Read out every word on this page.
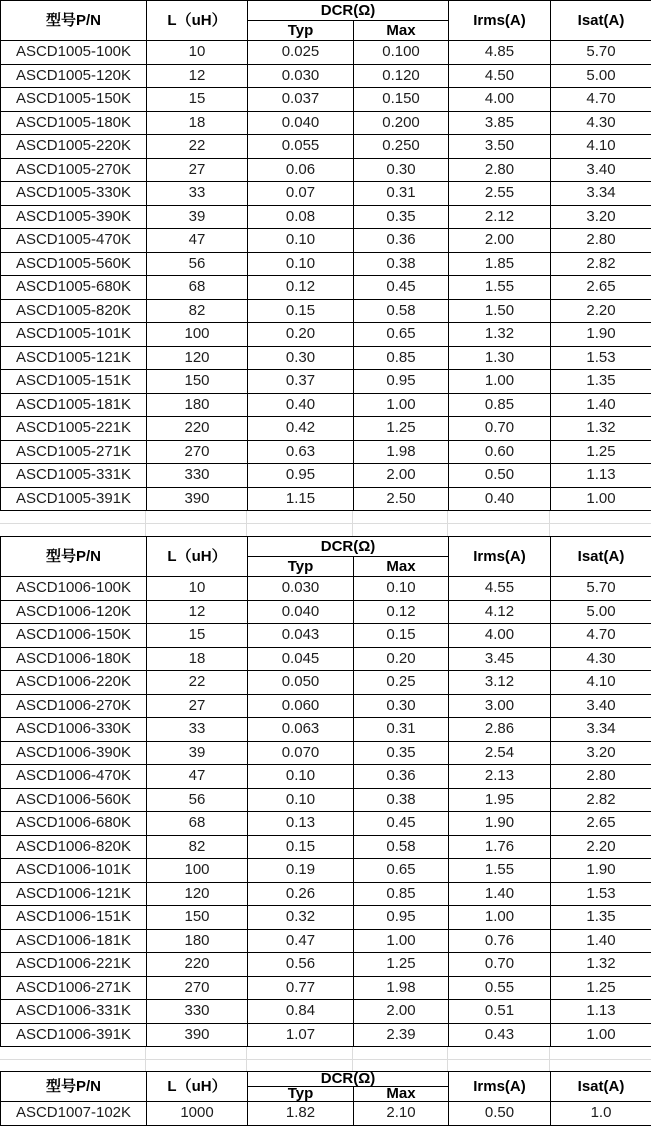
型号P/N	L（uH）	DCR(Ω)		Irms(A)	Isat(A)
		Typ	Max		
ASCD1005-100K	10	0.025	0.100	4.85	5.70
ASCD1005-120K	12	0.030	0.120	4.50	5.00
ASCD1005-150K	15	0.037	0.150	4.00	4.70
ASCD1005-180K	18	0.040	0.200	3.85	4.30
ASCD1005-220K	22	0.055	0.250	3.50	4.10
ASCD1005-270K	27	0.06	0.30	2.80	3.40
ASCD1005-330K	33	0.07	0.31	2.55	3.34
ASCD1005-390K	39	0.08	0.35	2.12	3.20
ASCD1005-470K	47	0.10	0.36	2.00	2.80
ASCD1005-560K	56	0.10	0.38	1.85	2.82
ASCD1005-680K	68	0.12	0.45	1.55	2.65
ASCD1005-820K	82	0.15	0.58	1.50	2.20
ASCD1005-101K	100	0.20	0.65	1.32	1.90
ASCD1005-121K	120	0.30	0.85	1.30	1.53
ASCD1005-151K	150	0.37	0.95	1.00	1.35
ASCD1005-181K	180	0.40	1.00	0.85	1.40
ASCD1005-221K	220	0.42	1.25	0.70	1.32
ASCD1005-271K	270	0.63	1.98	0.60	1.25
ASCD1005-331K	330	0.95	2.00	0.50	1.13
ASCD1005-391K	390	1.15	2.50	0.40	1.00
型号P/N	L（uH）	DCR(Ω)		Irms(A)	Isat(A)
		Typ	Max		
ASCD1006-100K	10	0.030	0.10	4.55	5.70
ASCD1006-120K	12	0.040	0.12	4.12	5.00
ASCD1006-150K	15	0.043	0.15	4.00	4.70
ASCD1006-180K	18	0.045	0.20	3.45	4.30
ASCD1006-220K	22	0.050	0.25	3.12	4.10
ASCD1006-270K	27	0.060	0.30	3.00	3.40
ASCD1006-330K	33	0.063	0.31	2.86	3.34
ASCD1006-390K	39	0.070	0.35	2.54	3.20
ASCD1006-470K	47	0.10	0.36	2.13	2.80
ASCD1006-560K	56	0.10	0.38	1.95	2.82
ASCD1006-680K	68	0.13	0.45	1.90	2.65
ASCD1006-820K	82	0.15	0.58	1.76	2.20
ASCD1006-101K	100	0.19	0.65	1.55	1.90
ASCD1006-121K	120	0.26	0.85	1.40	1.53
ASCD1006-151K	150	0.32	0.95	1.00	1.35
ASCD1006-181K	180	0.47	1.00	0.76	1.40
ASCD1006-221K	220	0.56	1.25	0.70	1.32
ASCD1006-271K	270	0.77	1.98	0.55	1.25
ASCD1006-331K	330	0.84	2.00	0.51	1.13
ASCD1006-391K	390	1.07	2.39	0.43	1.00
型号P/N	L（uH）	DCR(Ω)		Irms(A)	Isat(A)
		Typ	Max		
ASCD1007-102K	1000	1.82	2.10	0.50	1.0
